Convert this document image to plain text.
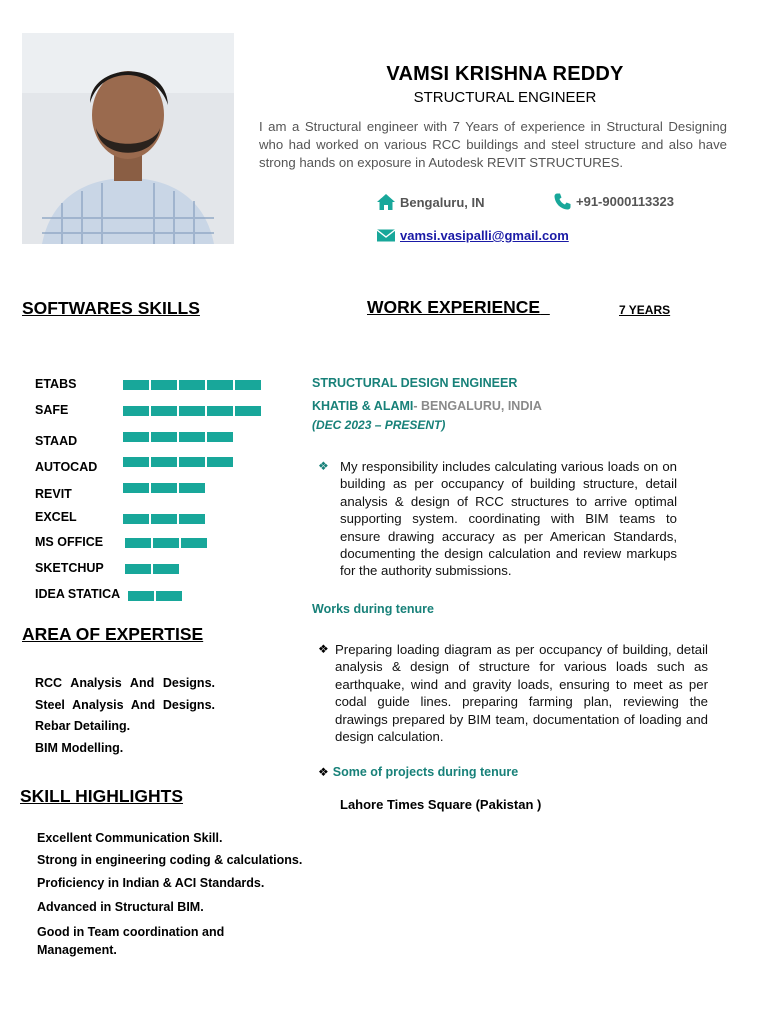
VAMSI KRISHNA REDDY
STRUCTURAL ENGINEER
I am a Structural engineer with 7 Years of experience in Structural Designing who had worked on various RCC buildings and steel structure and also have strong hands on exposure in Autodesk REVIT STRUCTURES.
Bengaluru, IN	+91-9000113323
vamsi.vasipalli@gmail.com
SOFTWARES SKILLS	WORK EXPERIENCE	7 YEARS
ETABS
SAFE
STAAD
AUTOCAD
REVIT
EXCEL
MS OFFICE
SKETCHUP
IDEA STATICA
AREA OF EXPERTISE
RCC Analysis And Designs.
Steel Analysis And Designs.
Rebar Detailing.
BIM Modelling.
SKILL HIGHLIGHTS
Excellent Communication Skill.
Strong in engineering coding & calculations.
Proficiency in Indian & ACI Standards.
Advanced in Structural BIM.
Good in Team coordination and Management.
STRUCTURAL DESIGN ENGINEER
KHATIB & ALAMI- BENGALURU, INDIA
(DEC 2023 – PRESENT)
❖ My responsibility includes calculating various loads on on building as per occupancy of building structure, detail analysis & design of RCC structures to arrive optimal supporting system. coordinating with BIM teams to ensure drawing accuracy as per American Standards, documenting the design calculation and review markups for the authority submissions.
Works during tenure
❖ Preparing loading diagram as per occupancy of building, detail analysis & design of structure for various loads such as earthquake, wind and gravity loads, ensuring to meet as per codal guide lines. preparing farming plan, reviewing the drawings prepared by BIM team, documentation of loading and design calculation.
❖ Some of projects during tenure
Lahore Times Square (Pakistan )
